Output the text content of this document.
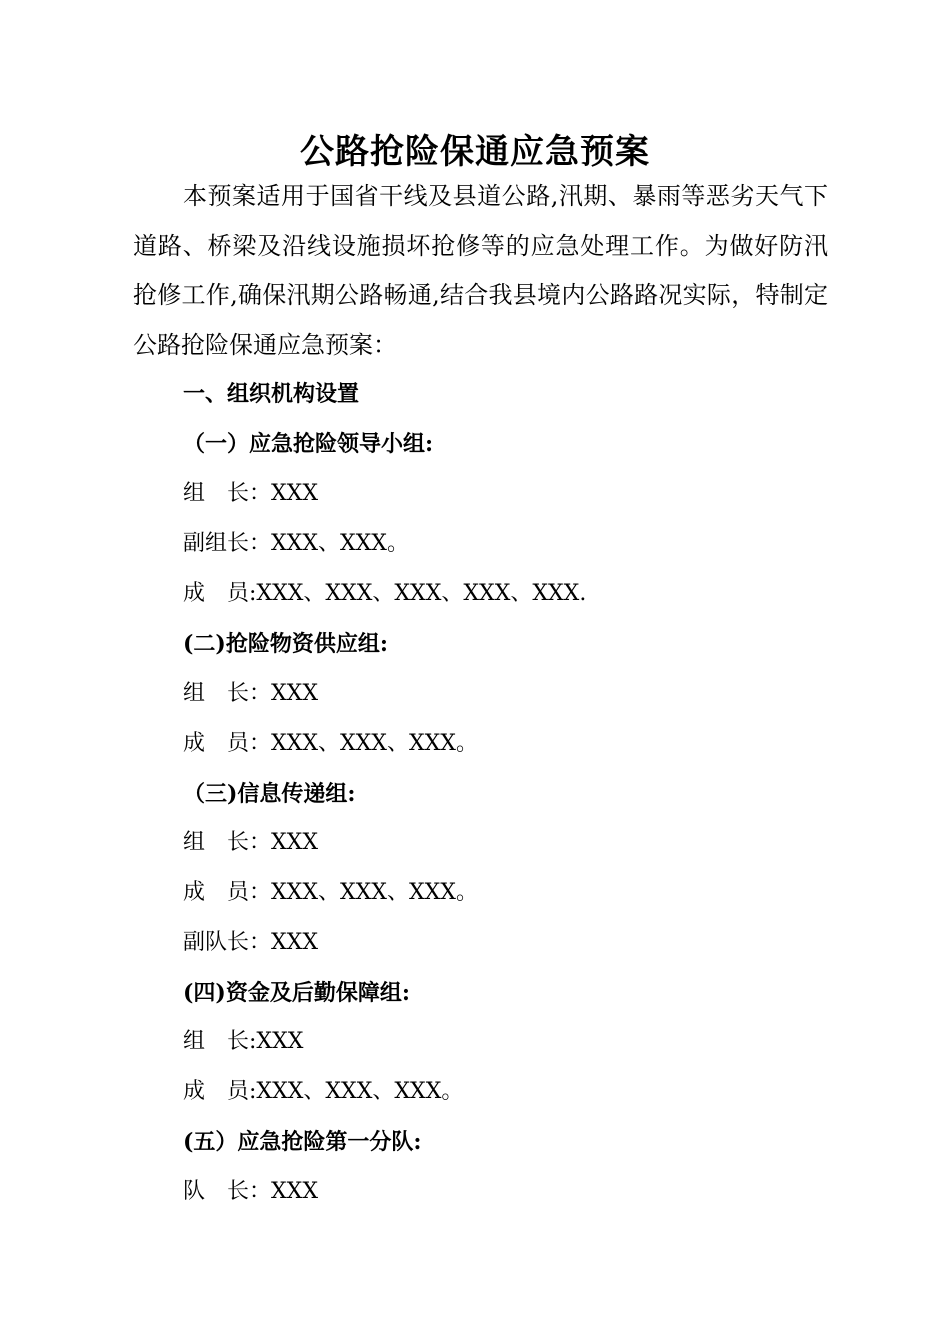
公路抢险保通应急预案

本预案适用于国省干线及县道公路,汛期、暴雨等恶劣天气下道路、桥梁及沿线设施损坏抢修等的应急处理工作。为做好防汛抢修工作,确保汛期公路畅通,结合我县境内公路路况实际，特制定公路抢险保通应急预案：

一、组织机构设置
（一）应急抢险领导小组:
组　长：XXX
副组长：XXX、XXX。
成　员:XXX、XXX、XXX、XXX、XXX.
(二)抢险物资供应组:
组　长：XXX
成　员：XXX、XXX、XXX。
（三)信息传递组:
组　长：XXX
成　员：XXX、XXX、XXX。
副队长：XXX
(四)资金及后勤保障组:
组　长:XXX
成　员:XXX、XXX、XXX。
(五）应急抢险第一分队:
队　长：XXX
